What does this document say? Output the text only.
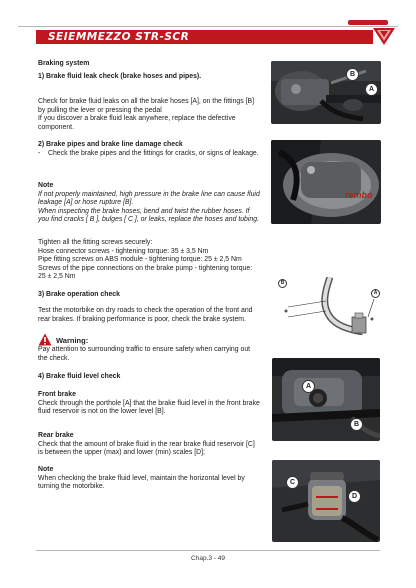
SEIEMMEZZO STR-SCR
Braking system
1) Brake fluid leak check (brake hoses and pipes).
Check for brake fluid leaks on all the brake hoses [A], on the fittings [B] by pulling the lever or pressing the pedal
If you discover a brake fluid leak anywhere, replace the defective component.
2) Brake pipes and brake line damage check
-	Check the brake pipes and the fittings for cracks, or signs of leakage.
Note
If not properly maintained, high pressure in the brake line can cause fluid leakage [A] or hose rupture [B].
When inspecting the brake hoses, bend and twist the rubber hoses. If you find cracks [ B ], bulges [ C ], or leaks, replace the hoses and tubing.
Tighten all the fitting screws securely:
Hose connector screws - tightening torque: 35 ± 3,5 Nm
Pipe fitting screws on ABS module - tightening torque: 25 ± 2,5 Nm
Screws of the pipe connections on the brake pump - tightening torque: 25 ± 2,5 Nm
3) Brake operation check
Test the motorbike on dry roads to check the operation of the front and rear brakes. If braking performance is poor, check the brake system.
Warning:
Pay attention to surrounding traffic to ensure safety when carrying out the check.
4) Brake fluid level check
Front brake
Check through the porthole [A] that the brake fluid level in the front brake fluid reservoir is not on the lower level [B].
Rear brake
Check that the amount of brake fluid in the rear brake fluid reservoir [C] is between the upper (max) and lower (min) scales [D];
Note
When checking the brake fluid level, maintain the horizontal level by turning the motorbike.
B
A
rembo
B
A
A
B
C
D
Chap.3 - 49
